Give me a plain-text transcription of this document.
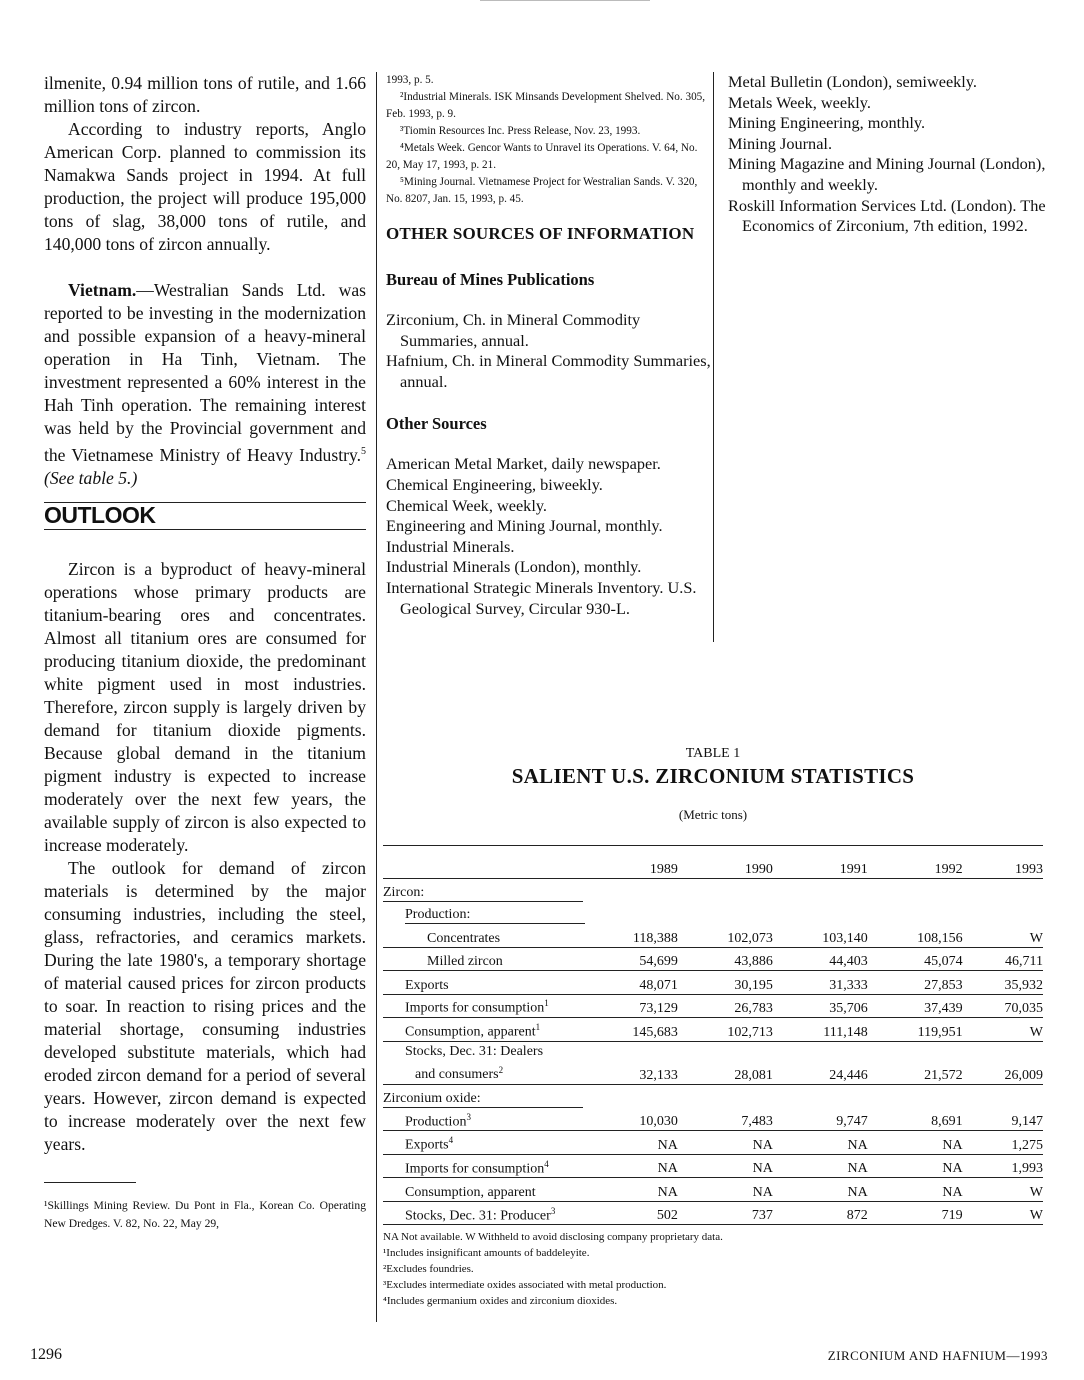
ilmenite, 0.94 million tons of rutile, and 1.66 million tons of zircon.

According to industry reports, Anglo American Corp. planned to commission its Namakwa Sands project in 1994. At full production, the project will produce 195,000 tons of slag, 38,000 tons of rutile, and 140,000 tons of zircon annually.

Vietnam.—Westralian Sands Ltd. was reported to be investing in the modernization and possible expansion of a heavy-mineral operation in Ha Tinh, Vietnam. The investment represented a 60% interest in the Hah Tinh operation. The remaining interest was held by the Provincial government and the Vietnamese Ministry of Heavy Industry.$^5$ (See table 5.)

OUTLOOK

Zircon is a byproduct of heavy-mineral operations whose primary products are titanium-bearing ores and concentrates. Almost all titanium ores are consumed for producing titanium dioxide, the predominant white pigment used in most industries. Therefore, zircon supply is largely driven by demand for titanium dioxide pigments. Because global demand in the titanium pigment industry is expected to increase moderately over the next few years, the available supply of zircon is also expected to increase moderately.

The outlook for demand of zircon materials is determined by the major consuming industries, including the steel, glass, refractories, and ceramics markets. During the late 1980's, a temporary shortage of material caused prices for zircon products to soar. In reaction to rising prices and the material shortage, consuming industries developed substitute materials, which had eroded zircon demand for a period of several years. However, zircon demand is expected to increase moderately over the next few years.

¹Skillings Mining Review. Du Pont in Fla., Korean Co. Operating New Dredges. V. 82, No. 22, May 29,

1993, p. 5.

²Industrial Minerals. ISK Minsands Development Shelved. No. 305, Feb. 1993, p. 9.

³Tiomin Resources Inc. Press Release, Nov. 23, 1993.

⁴Metals Week. Gencor Wants to Unravel its Operations. V. 64, No. 20, May 17, 1993, p. 21.

⁵Mining Journal. Vietnamese Project for Westralian Sands. V. 320, No. 8207, Jan. 15, 1993, p. 45.

OTHER SOURCES OF INFORMATION
Bureau of Mines Publications

Zirconium, Ch. in Mineral Commodity Summaries, annual.

Hafnium, Ch. in Mineral Commodity Summaries, annual.

Other Sources

American Metal Market, daily newspaper.

Chemical Engineering, biweekly.

Chemical Week, weekly.

Engineering and Mining Journal, monthly.

Industrial Minerals.

Industrial Minerals (London), monthly.

International Strategic Minerals Inventory. U.S. Geological Survey, Circular 930-L.

Metal Bulletin (London), semiweekly.

Metals Week, weekly.

Mining Engineering, monthly.

Mining Journal.

Mining Magazine and Mining Journal (London), monthly and weekly.

Roskill Information Services Ltd. (London). The Economics of Zirconium, 7th edition, 1992.

TABLE 1
SALIENT U.S. ZIRCONIUM STATISTICS
(Metric tons)
	1989	1990	1991	1992	1993
Zircon:					
Production:					
Concentrates	118,388	102,073	103,140	108,156	W
Milled zircon	54,699	43,886	44,403	45,074	46,711
Exports	48,071	30,195	31,333	27,853	35,932
Imports for consumption$^1$	73,129	26,783	35,706	37,439	70,035
Consumption, apparent$^1$	145,683	102,713	111,148	119,951	W
Stocks, Dec. 31: Dealers
and consumers$^2$	32,133	28,081	24,446	21,572	26,009
Zirconium oxide:					
Production$^3$	10,030	7,483	9,747	8,691	9,147
Exports$^4$	NA	NA	NA	NA	1,275
Imports for consumption$^4$	NA	NA	NA	NA	1,993
Consumption, apparent	NA	NA	NA	NA	W
Stocks, Dec. 31: Producer$^3$	502	737	872	719	W

NA Not available. W Withheld to avoid disclosing company proprietary data.

¹Includes insignificant amounts of baddeleyite.

²Excludes foundries.

³Excludes intermediate oxides associated with metal production.

⁴Includes germanium oxides and zirconium dioxides.

1296	ZIRCONIUM AND HAFNIUM—1993
